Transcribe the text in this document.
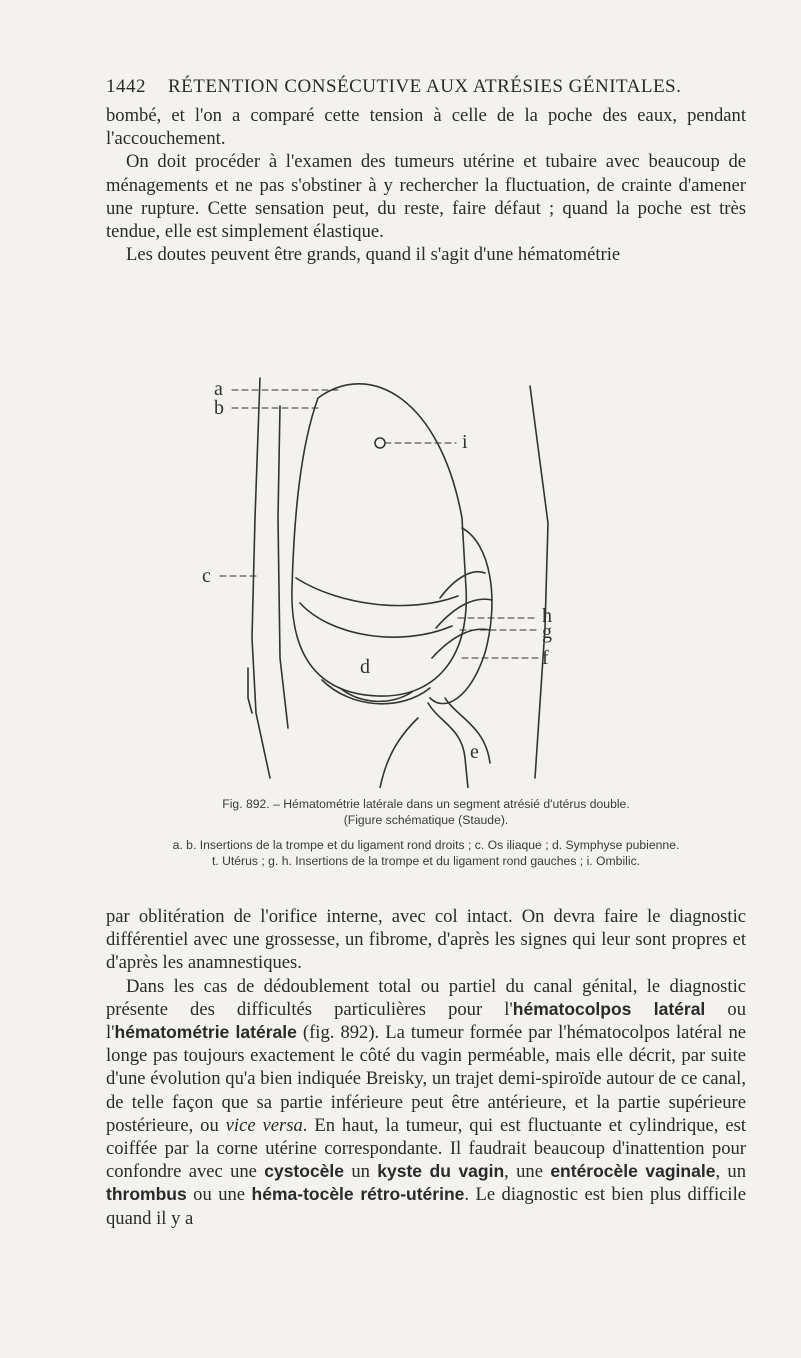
1442 RÉTENTION CONSÉCUTIVE AUX ATRÉSIES GÉNITALES.

bombé, et l'on a comparé cette tension à celle de la poche des eaux, pendant l'accouchement.

On doit procéder à l'examen des tumeurs utérine et tubaire avec beaucoup de ménagements et ne pas s'obstiner à y rechercher la fluctuation, de crainte d'amener une rupture. Cette sensation peut, du reste, faire défaut ; quand la poche est très tendue, elle est simplement élastique.

Les doutes peuvent être grands, quand il s'agit d'une hématométrie

a
b
c
i
h
g
f
d
e
Fig. 892. – Hématométrie latérale dans un segment atrésié d'utérus double.
(Figure schématique (Staude).
a. b. Insertions de la trompe et du ligament rond droits ; c. Os iliaque ; d. Symphyse pubienne.
t. Utérus ; g. h. Insertions de la trompe et du ligament rond gauches ; i. Ombilic.

par oblitération de l'orifice interne, avec col intact. On devra faire le diagnostic différentiel avec une grossesse, un fibrome, d'après les signes qui leur sont propres et d'après les anamnestiques.

Dans les cas de dédoublement total ou partiel du canal génital, le diagnostic présente des difficultés particulières pour l'hématocolpos latéral ou l'hématométrie latérale (fig. 892). La tumeur formée par l'hématocolpos latéral ne longe pas toujours exactement le côté du vagin perméable, mais elle décrit, par suite d'une évolution qu'a bien indiquée Breisky, un trajet demi-spiroïde autour de ce canal, de telle façon que sa partie inférieure peut être antérieure, et la partie supérieure postérieure, ou vice versa. En haut, la tumeur, qui est fluctuante et cylindrique, est coiffée par la corne utérine correspondante. Il faudrait beaucoup d'inattention pour confondre avec une cystocèle un kyste du vagin, une entérocèle vaginale, un thrombus ou une héma-tocèle rétro-utérine. Le diagnostic est bien plus difficile quand il y a
